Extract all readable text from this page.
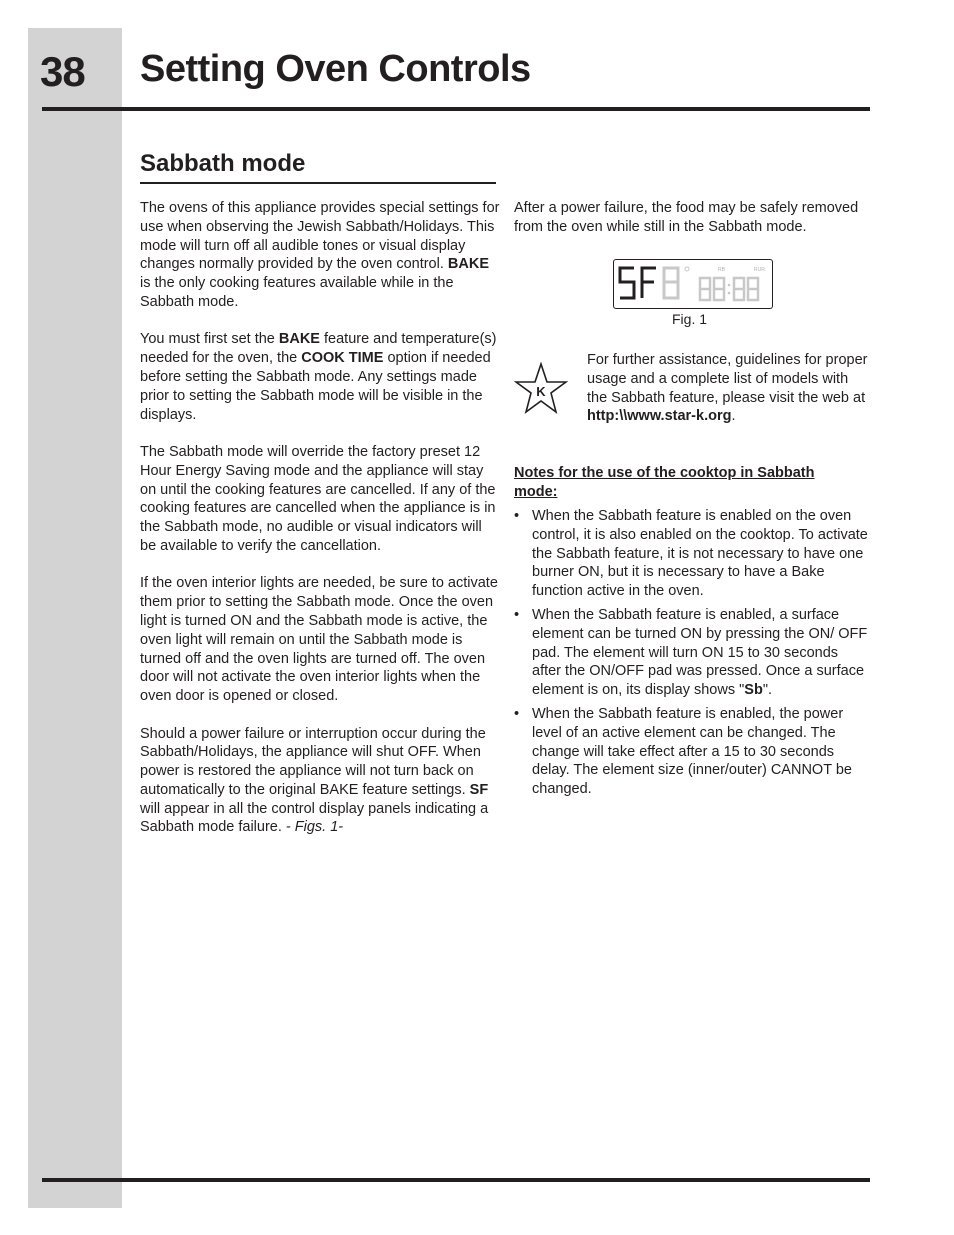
38 Setting Oven Controls
Sabbath mode

The ovens of this appliance provides special settings for use when observing the Jewish Sabbath/Holidays. This mode will turn off all audible tones or visual display changes normally provided by the oven control. BAKE is the only cooking features available while in the Sabbath mode.

You must first set the BAKE feature and temperature(s) needed for the oven, the COOK TIME option if needed before setting the Sabbath mode. Any settings made prior to setting the Sabbath mode will be visible in the displays.

The Sabbath mode will override the factory preset 12 Hour Energy Saving mode and the appliance will stay on until the cooking features are cancelled. If any of the cooking features are cancelled when the appliance is in the Sabbath mode, no audible or visual indicators will be available to verify the cancellation.

If the oven interior lights are needed, be sure to activate them prior to setting the Sabbath mode. Once the oven light is turned ON and the Sabbath mode is active, the oven light will remain on until the Sabbath mode is turned off and the oven lights are turned off. The oven door will not activate the oven interior lights when the oven door is opened or closed.

Should a power failure or interruption occur during the Sabbath/Holidays, the appliance will shut OFF. When power is restored the appliance will not turn back on automatically to the original BAKE feature settings. SF will appear in all the control display panels indicating a Sabbath mode failure. - Figs. 1-

After a power failure, the food may be safely removed from the oven while still in the Sabbath mode.
RB	RUR
Fig. 1
K
For further assistance, guidelines for proper usage and a complete list of models with the Sabbath feature, please visit the web at http:\\www.star-k.org.
Notes for the use of the cooktop in Sabbath mode:
• When the Sabbath feature is enabled on the oven control, it is also enabled on the cooktop. To activate the Sabbath feature, it is not necessary to have one burner ON, but it is necessary to have a Bake function active in the oven.
• When the Sabbath feature is enabled, a surface element can be turned ON by pressing the ON/ OFF pad. The element will turn ON 15 to 30 seconds after the ON/OFF pad was pressed. Once a surface element is on, its display shows "Sb".
• When the Sabbath feature is enabled, the power level of an active element can be changed. The change will take effect after a 15 to 30 seconds delay. The element size (inner/outer) CANNOT be changed.
